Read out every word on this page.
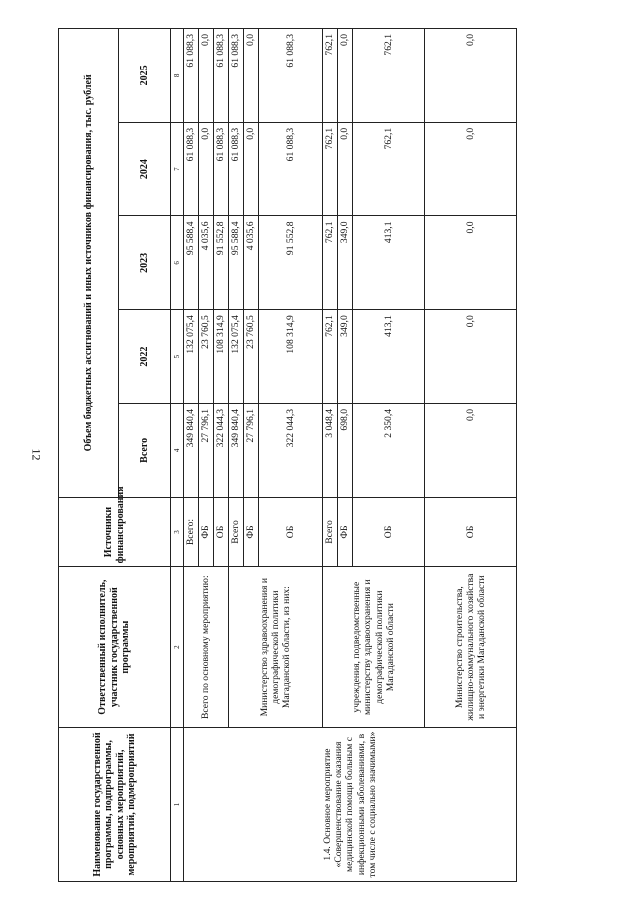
12
Наименование государственной программы, подпрограммы, основных мероприятий, мероприятий, подмероприятий	Ответственный исполнитель, участник государственной программы	Источники финансирования	Объем бюджетных ассигнований и иных источников финансирования, тыс. рублей				
			Всего	2022	2023	2024	2025
1	2	3	4	5	6	7	8
1.4. Основное мероприятие «Совершенствование оказания медицинской помощи больным с инфекционными заболеваниями, в том числе с социально значимыми»	Всего по основному мероприятию:	Всего:	349 840,4	132 075,4	95 588,4	61 088,3	61 088,3
		ФБ	27 796,1	23 760,5	4 035,6	0,0	0,0
		ОБ	322 044,3	108 314,9	91 552,8	61 088,3	61 088,3
	Министерство здравоохранения и демографической политики Магаданской области, из них:	Всего	349 840,4	132 075,4	95 588,4	61 088,3	61 088,3
		ФБ	27 796,1	23 760,5	4 035,6	0,0	0,0
		ОБ	322 044,3	108 314,9	91 552,8	61 088,3	61 088,3
	учреждения, подведомственные министерству здравоохранения и демографической политики Магаданской области	Всего	3 048,4	762,1	762,1	762,1	762,1
		ФБ	698,0	349,0	349,0	0,0	0,0
		ОБ	2 350,4	413,1	413,1	762,1	762,1
	Министерство строительства, жилищно-коммунального хозяйства и энергетики Магаданской области	ОБ	0,0	0,0	0,0	0,0	0,0
